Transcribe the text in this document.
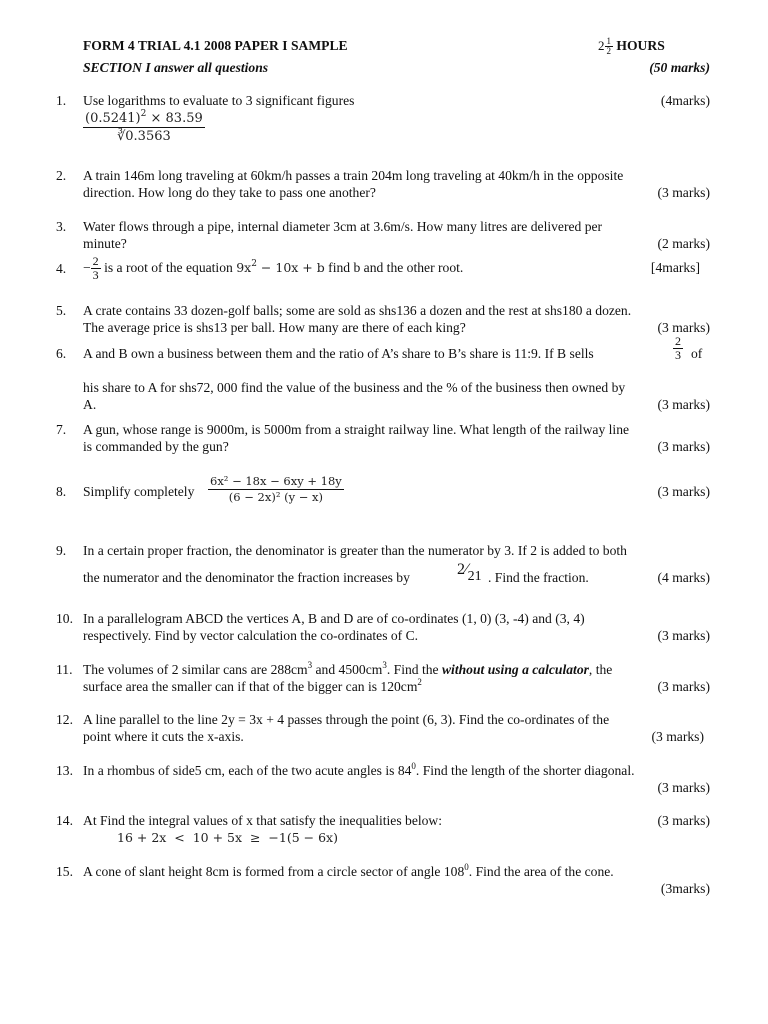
FORM 4 TRIAL 4.1 2008 PAPER I SAMPLE	$2 \frac{1}{2}$ HOURS
SECTION I answer all questions	(50 marks)
1.	Use logarithms to evaluate to 3 significant figures	(4marks)
$\frac{(0.5241)^2 \times 83.59}{∛0.3563}$
2.	A train 146m long traveling at 60km/h passes a train 204m long traveling at 40km/h in the opposite
direction. How long do they take to pass one another?	(3 marks)
3.	Water flows through a pipe, internal diameter 3cm at 3.6m/s. How many litres are delivered per
minute?	(2 marks)
4.	− $\frac{2}{3}$ is a root of the equation $9x^2 - 10x + b$ find b and the other root.	[4marks]
5.	A crate contains 33 dozen-golf balls; some are sold as shs136 a dozen and the rest at shs180 a dozen.
The average price is shs13 per ball. How many are there of each king?	(3 marks)
6.	A and B own a business between them and the ratio of A’s share to B’s share is 11:9. If B sells	$\frac{2}{3}$ of
his share to A for shs72, 000 find the value of the business and the % of the business then owned by
A.	(3 marks)
7.	A gun, whose range is 9000m, is 5000m from a straight railway line. What length of the railway line
is commanded by the gun?	(3 marks)
8.	Simplify completely $\frac{\text{6x² − 18x − 6xy + 18y}}{\text{(6 − 2x)² (y − x)}}$	(3 marks)
9.	In a certain proper fraction, the denominator is greater than the numerator by 3. If 2 is added to both
the numerator and the denominator the fraction increases by	2⁄21 . Find the fraction.	(4 marks)
10. In a parallelogram ABCD the vertices A, B and D are of co-ordinates (1, 0) (3, -4) and (3, 4)
respectively. Find by vector calculation the co-ordinates of C.	(3 marks)
11. The volumes of 2 similar cans are $288cm^3$ and $4500cm^3$. Find the without using a calculator, the
surface area the smaller can if that of the bigger can is $120cm^2$	(3 marks)
12. A line parallel to the line 2y = 3x + 4 passes through the point (6, 3). Find the co-ordinates of the
point where it cuts the x-axis.	(3 marks)
13. In a rhombus of side5 cm, each of the two acute angles is $84^0$. Find the length of the shorter diagonal.
(3 marks)
14. At Find the integral values of x that satisfy the inequalities below:	(3 marks)
16 + 2x  <  10 + 5x  ≥  −1(5 − 6x)
15. A cone of slant height 8cm is formed from a circle sector of angle $108^0$. Find the area of the cone.
(3marks)
